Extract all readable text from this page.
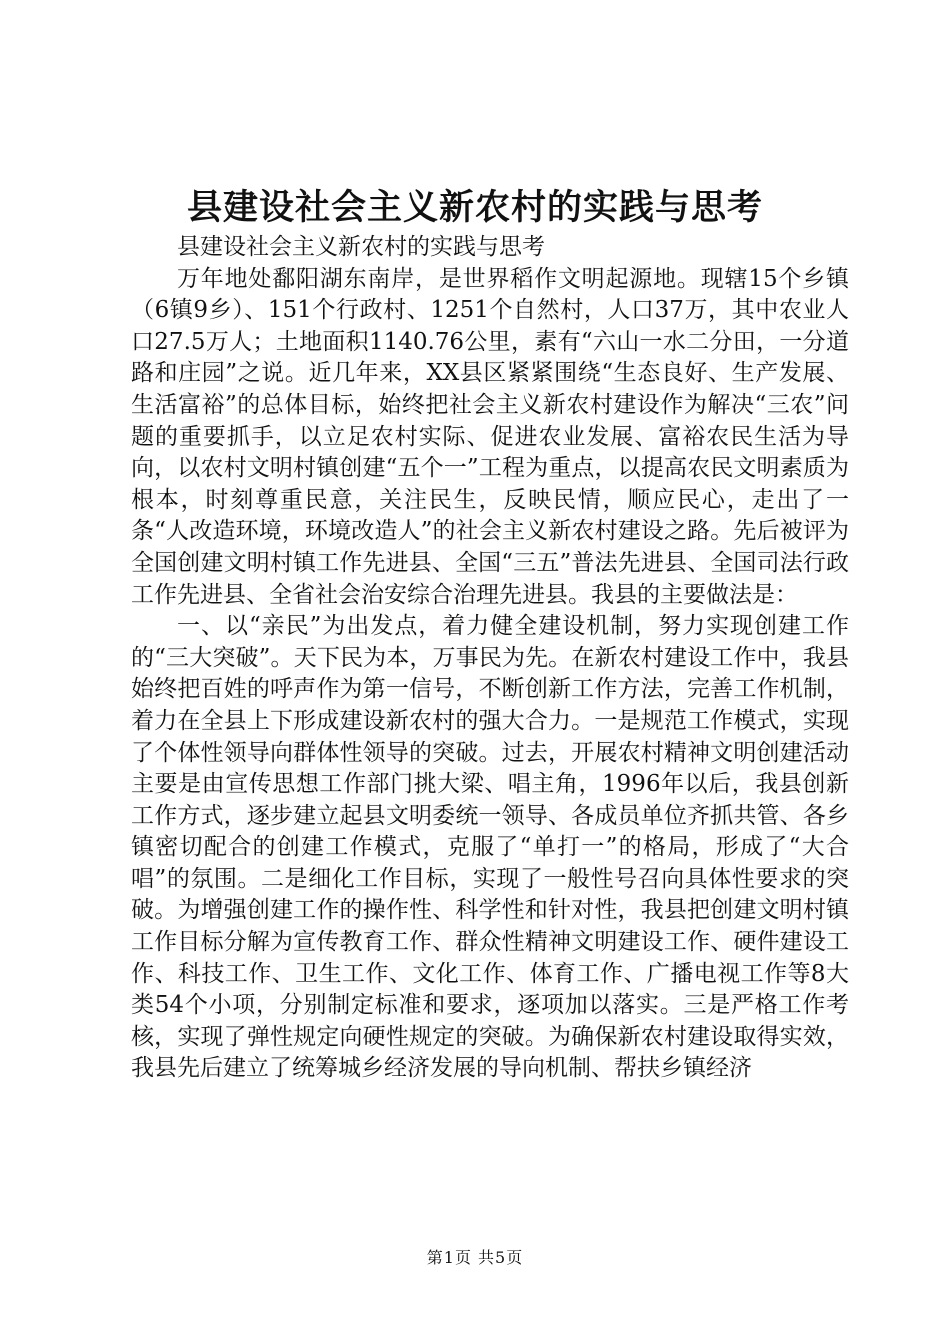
县建设社会主义新农村的实践与思考

县建设社会主义新农村的实践与思考

万年地处鄱阳湖东南岸，是世界稻作文明起源地。现辖15个乡镇（6镇9乡）、151个行政村、1251个自然村，人口37万，其中农业人口27.5万人；土地面积1140.76公里，素有“六山一水二分田，一分道路和庄园”之说。近几年来，XX县区紧紧围绕“生态良好、生产发展、生活富裕”的总体目标，始终把社会主义新农村建设作为解决“三农”问题的重要抓手，以立足农村实际、促进农业发展、富裕农民生活为导向，以农村文明村镇创建“五个一”工程为重点，以提高农民文明素质为根本，时刻尊重民意，关注民生，反映民情，顺应民心，走出了一条“人改造环境，环境改造人”的社会主义新农村建设之路。先后被评为全国创建文明村镇工作先进县、全国“三五”普法先进县、全国司法行政工作先进县、全省社会治安综合治理先进县。我县的主要做法是：

一、以“亲民”为出发点，着力健全建设机制，努力实现创建工作的“三大突破”。天下民为本，万事民为先。在新农村建设工作中，我县始终把百姓的呼声作为第一信号，不断创新工作方法，完善工作机制，着力在全县上下形成建设新农村的强大合力。一是规范工作模式，实现了个体性领导向群体性领导的突破。过去，开展农村精神文明创建活动主要是由宣传思想工作部门挑大梁、唱主角，1996年以后，我县创新工作方式，逐步建立起县文明委统一领导、各成员单位齐抓共管、各乡镇密切配合的创建工作模式，克服了“单打一”的格局，形成了“大合唱”的氛围。二是细化工作目标，实现了一般性号召向具体性要求的突破。为增强创建工作的操作性、科学性和针对性，我县把创建文明村镇工作目标分解为宣传教育工作、群众性精神文明建设工作、硬件建设工作、科技工作、卫生工作、文化工作、体育工作、广播电视工作等8大类54个小项，分别制定标准和要求，逐项加以落实。三是严格工作考核，实现了弹性规定向硬性规定的突破。为确保新农村建设取得实效，我县先后建立了统筹城乡经济发展的导向机制、帮扶乡镇经济

第1页 共5页
